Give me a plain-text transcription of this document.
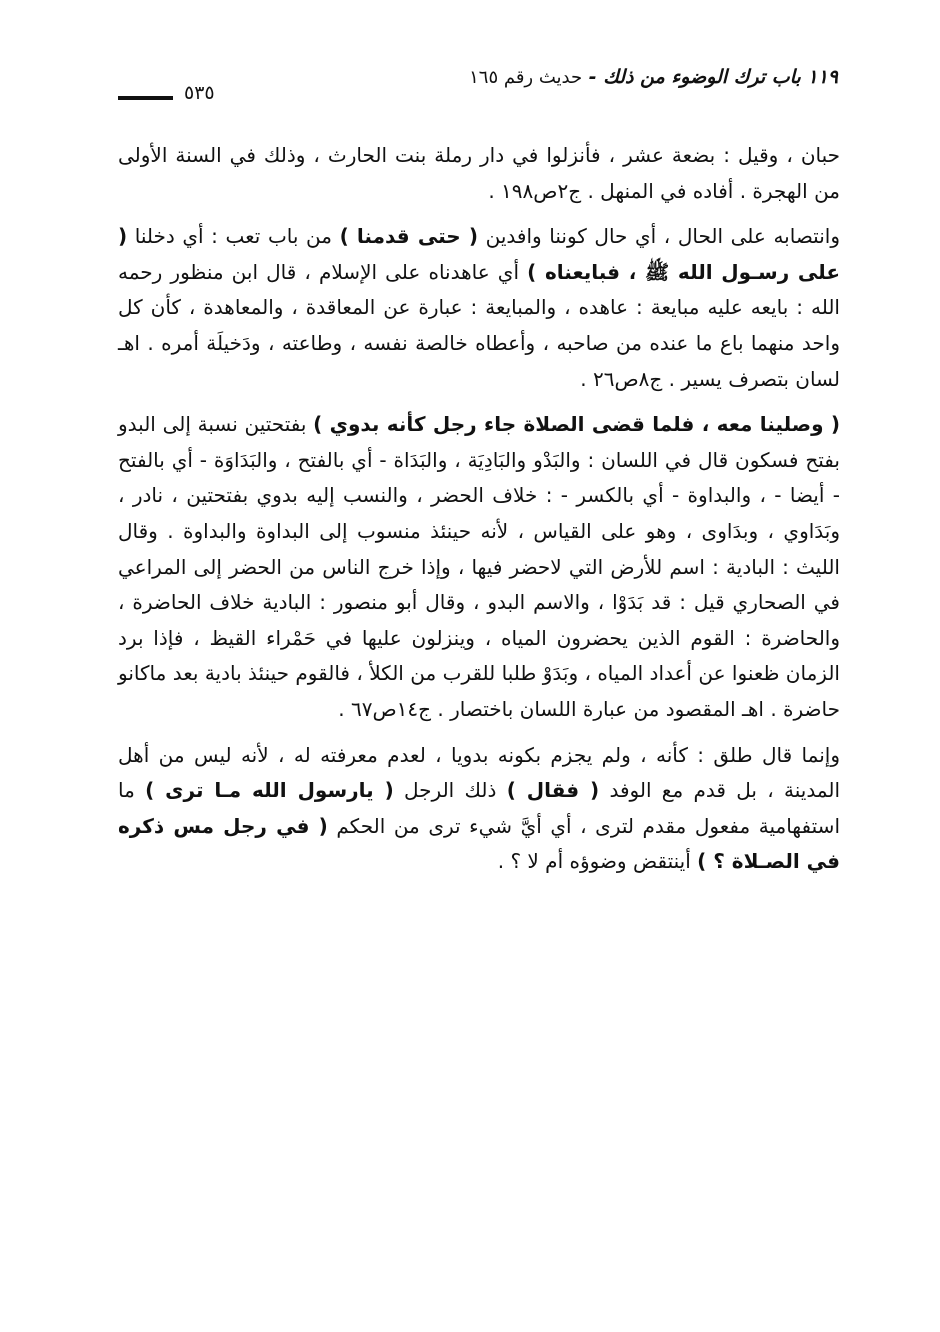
١١٩ باب ترك الوضوء من ذلك - حديث رقم ١٦٥
٥٣٥

حبان ، وقيل : بضعة عشر ، فأنزلوا في دار رملة بنت الحارث ، وذلك في السنة الأولى من الهجرة . أفاده في المنهل . ج٢ص١٩٨ .

وانتصابه على الحال ، أي حال كوننا وافدين ( حتى قدمنا ) من باب تعب : أي دخلنا ( على رسـول الله ﷺ ، فبايعناه ) أي عاهدناه على الإسلام ، قال ابن منظور رحمه الله : بايعه عليه مبايعة : عاهده ، والمبايعة : عبارة عن المعاقدة ، والمعاهدة ، كأن كل واحد منهما باع ما عنده من صاحبه ، وأعطاه خالصة نفسه ، وطاعته ، ودَخيلَة أمره . اهـ لسان بتصرف يسير . ج٨ص٢٦ .

( وصلينا معه ، فلما قضى الصلاة جاء رجل كأنه بدوي ) بفتحتين نسبة إلى البدو بفتح فسكون قال في اللسان : والبَدْو والبَادِيَة ، والبَدَاة - أي بالفتح ، والبَدَاوَة - أي بالفتح - أيضا - ، والبداوة - أي بالكسر - : خلاف الحضر ، والنسب إليه بدوي بفتحتين ، نادر ، وبَدَاوي ، وبدَاوى ، وهو على القياس ، لأنه حينئذ منسوب إلى البداوة والبداوة . وقال الليث : البادية : اسم للأرض التي لاحضر فيها ، وإذا خرج الناس من الحضر إلى المراعي في الصحاري قيل : قد بَدَوْا ، والاسم البدو ، وقال أبو منصور : البادية خلاف الحاضرة ، والحاضرة : القوم الذين يحضرون المياه ، وينزلون عليها في حَمْراء القيظ ، فإذا برد الزمان ظعنوا عن أعداد المياه ، وبَدَوْ طلبا للقرب من الكلأ ، فالقوم حينئذ بادية بعد ماكانو حاضرة . اهـ المقصود من عبارة اللسان باختصار . ج١٤ص٦٧ .

وإنما قال طلق : كأنه ، ولم يجزم بكونه بدويا ، لعدم معرفته له ، لأنه ليس من أهل المدينة ، بل قدم مع الوفد ( فقال ) ذلك الرجل ( يارسول الله مـا ترى ) ما استفهامية مفعول مقدم لترى ، أي أيَّ شيء ترى من الحكم ( في رجل مس ذكره في الصـلاة ؟ ) أينتقض وضوؤه أم لا ؟ .
